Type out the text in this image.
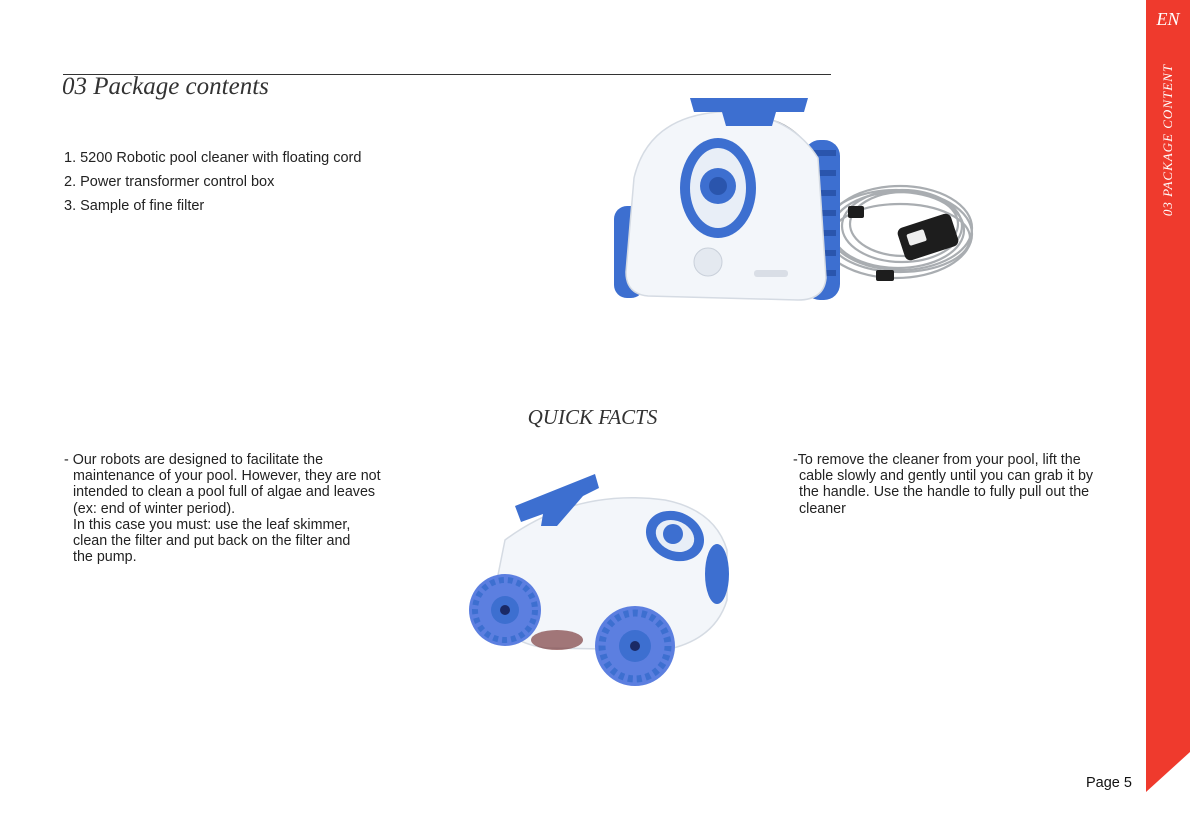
03 Package contents
1. 5200 Robotic pool cleaner with floating cord
2. Power transformer control box
3. Sample of fine filter
QUICK FACTS

- Our robots are designed to facilitate the

maintenance of your pool. However, they are not

intended to clean a pool full of algae and leaves

(ex: end of winter period).

In this case you must: use the leaf skimmer,

clean the filter and put back on the filter and

the pump.

-To remove the cleaner from your pool, lift the

cable slowly and gently until you can grab it by

the handle. Use the handle to fully pull out the

cleaner

Page 5
EN
03 PACKAGE CONTENT
